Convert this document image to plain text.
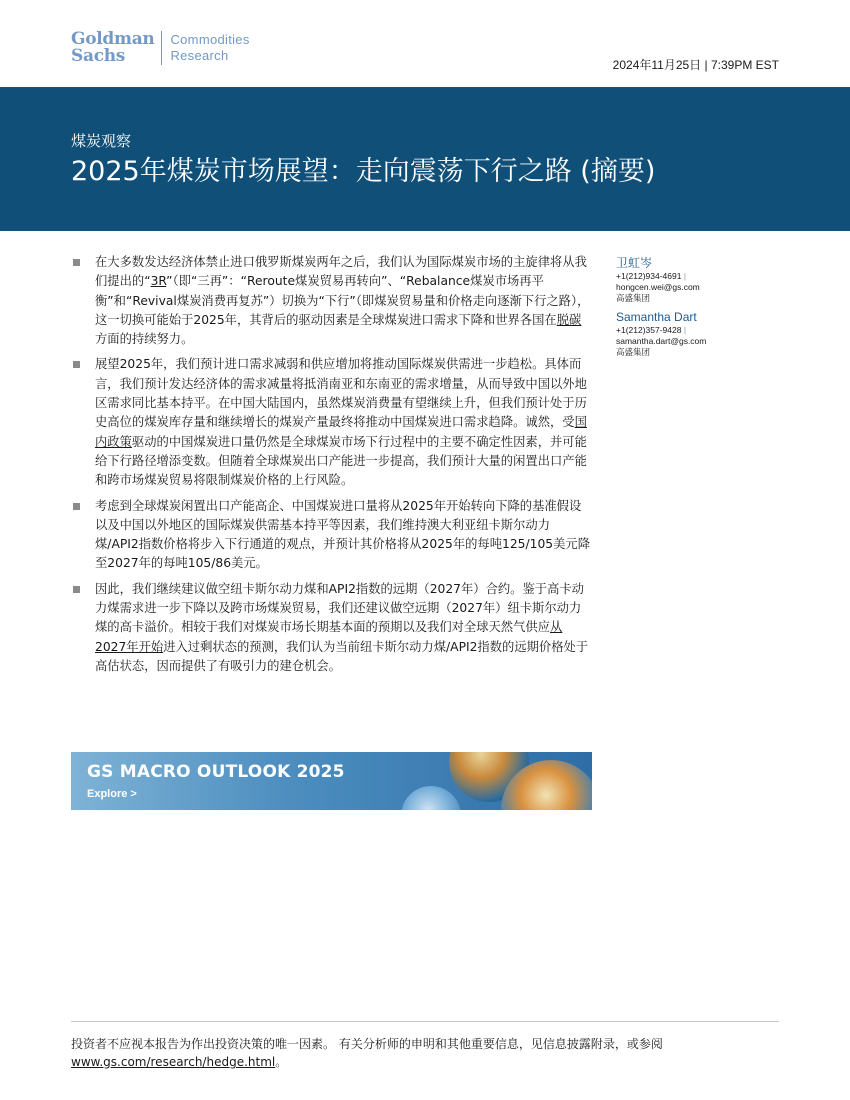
Goldman
Sachs
Commodities
Research
2024年11月25日 | 7:39PM EST
煤炭观察
2025年煤炭市场展望：走向震荡下行之路 (摘要)
在大多数发达经济体禁止进口俄罗斯煤炭两年之后，我们认为国际煤炭市场的主旋律将从我们提出的“3R”（即“三再”：“Reroute煤炭贸易再转向”、“Rebalance煤炭市场再平衡”和“Revival煤炭消费再复苏”）切换为“下行”（即煤炭贸易量和价格走向逐渐下行之路），这一切换可能始于2025年，其背后的驱动因素是全球煤炭进口需求下降和世界各国在脱碳方面的持续努力。
展望2025年，我们预计进口需求减弱和供应增加将推动国际煤炭供需进一步趋松。具体而言，我们预计发达经济体的需求减量将抵消南亚和东南亚的需求增量，从而导致中国以外地区需求同比基本持平。在中国大陆国内，虽然煤炭消费量有望继续上升，但我们预计处于历史高位的煤炭库存量和继续增长的煤炭产量最终将推动中国煤炭进口需求趋降。诚然，受国内政策驱动的中国煤炭进口量仍然是全球煤炭市场下行过程中的主要不确定性因素，并可能给下行路径增添变数。但随着全球煤炭出口产能进一步提高，我们预计大量的闲置出口产能和跨市场煤炭贸易将限制煤炭价格的上行风险。
考虑到全球煤炭闲置出口产能高企、中国煤炭进口量将从2025年开始转向下降的基准假设以及中国以外地区的国际煤炭供需基本持平等因素，我们维持澳大利亚纽卡斯尔动力煤/API2指数价格将步入下行通道的观点，并预计其价格将从2025年的每吨125/105美元降至2027年的每吨105/86美元。
因此，我们继续建议做空纽卡斯尔动力煤和API2指数的远期（2027年）合约。鉴于高卡动力煤需求进一步下降以及跨市场煤炭贸易，我们还建议做空远期（2027年）纽卡斯尔动力煤的高卡溢价。相较于我们对煤炭市场长期基本面的预期以及我们对全球天然气供应从2027年开始进入过剩状态的预测，我们认为当前纽卡斯尔动力煤/API2指数的远期价格处于高估状态，因而提供了有吸引力的建仓机会。
卫虹岑
+1(212)934-4691 |
hongcen.wei@gs.com
高盛集团
Samantha Dart
+1(212)357-9428 |
samantha.dart@gs.com
高盛集团
GS MACRO OUTLOOK 2025
Explore >
投资者不应视本报告为作出投资决策的唯一因素。 有关分析师的申明和其他重要信息，见信息披露附录，或参阅
www.gs.com/research/hedge.html。
